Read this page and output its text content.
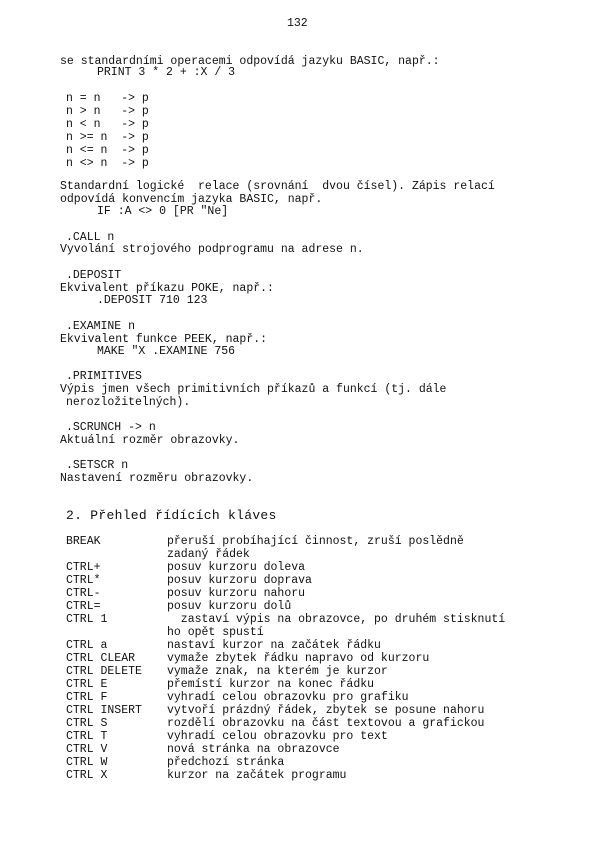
132
se standardními operacemi odpovídá jazyku BASIC, např.:
PRINT 3 * 2 + :X / 3
n = n   -> p
n > n   -> p
n < n   -> p
n >= n  -> p
n <= n  -> p
n <> n  -> p
Standardní logické  relace (srovnání  dvou čísel). Zápis relací
odpovídá konvencím jazyka BASIC, např.
IF :A <> 0 [PR "Ne]
.CALL n
Vyvolání strojového podprogramu na adrese n.
.DEPOSIT
Ekvivalent příkazu POKE, např.:
.DEPOSIT 710 123
.EXAMINE n
Ekvivalent funkce PEEK, např.:
MAKE "X .EXAMINE 756
.PRIMITIVES
Výpis jmen všech primitivních příkazů a funkcí (tj. dále
nerozložitelných).
.SCRUNCH -> n
Aktuální rozměr obrazovky.
.SETSCR n
Nastavení rozměru obrazovky.
2. Přehled řídících kláves
BREAK	přeruší probíhající činnost, zruší poslědně
zadaný řádek
CTRL+	posuv kurzoru doleva
CTRL*	posuv kurzoru doprava
CTRL-	posuv kurzoru nahoru
CTRL=	posuv kurzoru dolů
CTRL 1	zastaví výpis na obrazovce, po druhém stisknutí
ho opět spustí
CTRL a	nastaví kurzor na začátek řádku
CTRL CLEAR	vymaže zbytek řádku napravo od kurzoru
CTRL DELETE vymaže znak, na kterém je kurzor
CTRL E	přemístí kurzor na konec řádku
CTRL F	vyhradí celou obrazovku pro grafiku
CTRL INSERT vytvoří prázdný řádek, zbytek se posune nahoru
CTRL S	rozdělí obrazovku na část textovou a grafickou
CTRL T	vyhradí celou obrazovku pro text
CTRL V	nová stránka na obrazovce
CTRL W	předchozí stránka
CTRL X	kurzor na začátek programu
